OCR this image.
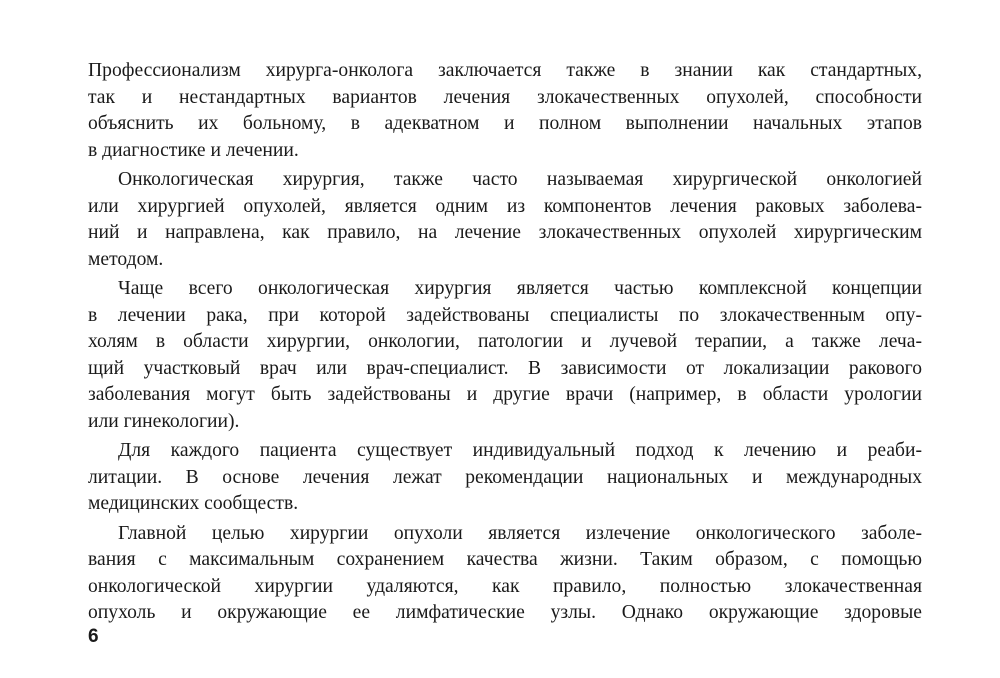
Профессионализм хирурга-онколога заключается также в знании как стандартных,
так и нестандартных вариантов лечения злокачественных опухолей, способности
объяснить их больному, в адекватном и полном выполнении начальных этапов
в диагностике и лечении.

Онкологическая хирургия, также часто называемая хирургической онкологией
или хирургией опухолей, является одним из компонентов лечения раковых заболева-
ний и направлена, как правило, на лечение злокачественных опухолей хирургическим
методом.

Чаще всего онкологическая хирургия является частью комплексной концепции
в лечении рака, при которой задействованы специалисты по злокачественным опу-
холям в области хирургии, онкологии, патологии и лучевой терапии, а также леча-
щий участковый врач или врач-специалист. В зависимости от локализации ракового
заболевания могут быть задействованы и другие врачи (например, в области урологии
или гинекологии).

Для каждого пациента существует индивидуальный подход к лечению и реаби-
литации. В основе лечения лежат рекомендации национальных и международных
медицинских сообществ.

Главной целью хирургии опухоли является излечение онкологического заболе-
вания с максимальным сохранением качества жизни. Таким образом, с помощью
онкологической хирургии удаляются, как правило, полностью злокачественная
опухоль и окружающие ее лимфатические узлы. Однако окружающие здоровые

6
